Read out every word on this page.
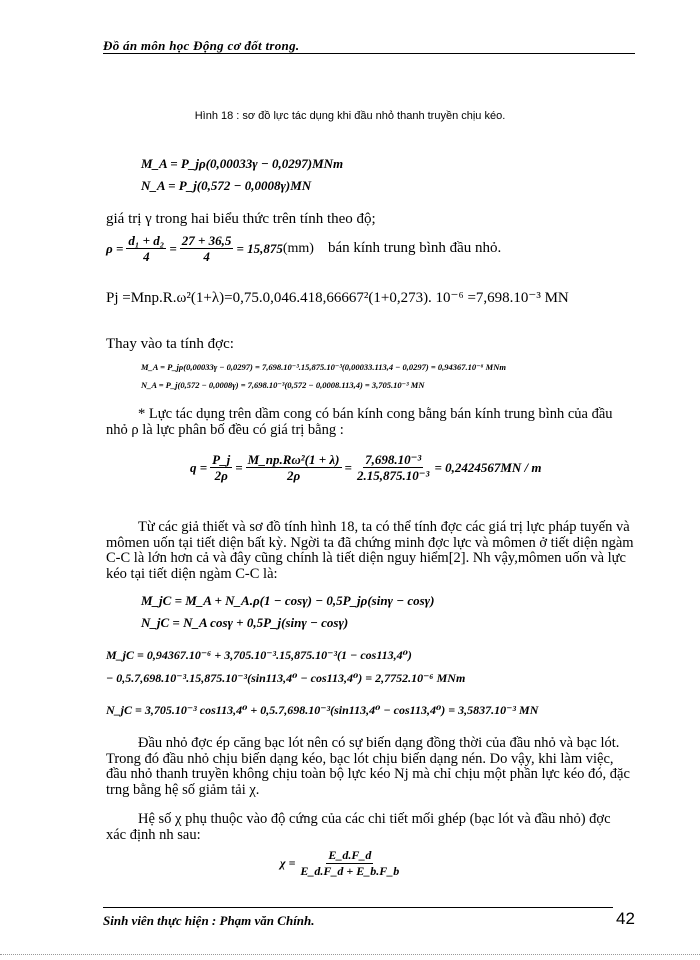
Đồ án môn học Động cơ đốt trong.
Hình 18 : sơ đồ lực tác dụng khi đầu nhỏ thanh truyền chịu kéo.
M_A = P_jρ(0,00033γ − 0,0297)MNm
N_A = P_j(0,572 − 0,0008γ)MN
giá trị γ trong hai biểu thức trên tính theo độ;
$\rho = \frac{\text{d₁ + d₂}}{4} = \frac{27 + 36,5}{4} = 15,875$ (mm) bán kính trung bình đầu nhỏ.
Pj =Mnp.R.ω²(1+λ)=0,75.0,046.418,66667²(1+0,273). 10⁻⁶ =7,698.10⁻³ MN
Thay vào ta tính đợc:
M_A = P_jρ(0,00033γ − 0,0297) = 7,698.10⁻³.15,875.10⁻³(0,00033.113,4 − 0,0297) = 0,94367.10⁻⁶ MNm
N_A = P_j(0,572 − 0,0008γ) = 7,698.10⁻³(0,572 − 0,0008.113,4) = 3,705.10⁻³ MN
* Lực tác dụng trên dầm cong có bán kính cong bằng bán kính trung bình của đầu nhỏ ρ là lực phân bố đều có giá trị bằng :
$q = \frac{P\_j}{2\rho} = \frac{\text{M\_np.Rω²(1 + λ)}}{2\rho} = \frac{\text{7,698.10⁻³}}{\text{2.15,875.10⁻³}} = 0,2424567MN / m$
Từ các giả thiết và sơ đồ tính hình 18, ta có thể tính đợc các giá trị lực pháp tuyến và mômen uốn tại tiết diện bất kỳ. Ngời ta đã chứng minh đợc lực và mômen ở tiết diện ngàm C-C là lớn hơn cả và đây cũng chính là tiết diện nguy hiểm[2]. Nh vậy,mômen uốn và lực kéo tại tiết diện ngàm C-C là:
M_jC = M_A + N_A.ρ(1 − cosγ) − 0,5P_jρ(sinγ − cosγ)
N_jC = N_A cosγ + 0,5P_j(sinγ − cosγ)
M_jC = 0,94367.10⁻⁶ + 3,705.10⁻³.15,875.10⁻³(1 − cos113,4⁰)
− 0,5.7,698.10⁻³.15,875.10⁻³(sin113,4⁰ − cos113,4⁰) = 2,7752.10⁻⁶ MNm
N_jC = 3,705.10⁻³ cos113,4⁰ + 0,5.7,698.10⁻³(sin113,4⁰ − cos113,4⁰) = 3,5837.10⁻³ MN
Đầu nhỏ đợc ép căng bạc lót nên có sự biến dạng đồng thời của đầu nhỏ và bạc lót. Trong đó đầu nhỏ chịu biến dạng kéo, bạc lót chịu biến dạng nén. Do vậy, khi làm việc, đầu nhỏ thanh truyền không chịu toàn bộ lực kéo Nj mà chỉ chịu một phần lực kéo đó, đặc trng bằng hệ số giảm tải χ.
Hệ số χ phụ thuộc vào độ cứng của các chi tiết mối ghép (bạc lót và đầu nhỏ) đợc xác định nh sau:
$\chi = \frac{E\_d.F\_d}{E\_d.F\_d + E\_b.F\_b}$
Sinh viên thực hiện : Phạm văn Chính.	42
